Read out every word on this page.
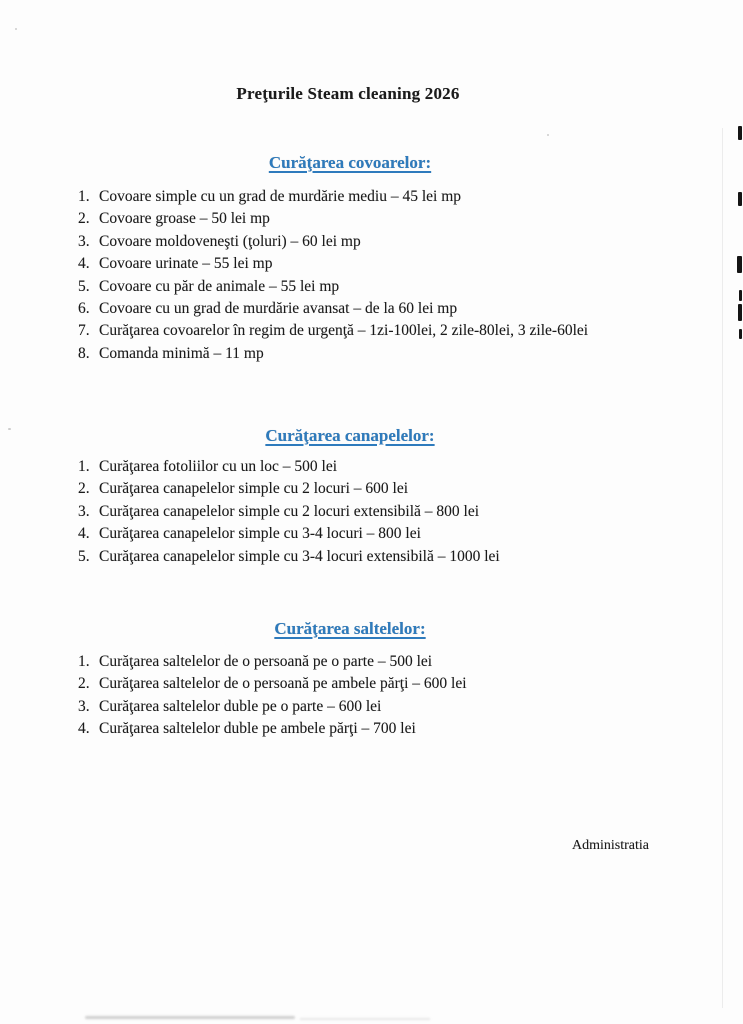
Preţurile Steam cleaning 2026
Curăţarea covoarelor:
Covoare simple cu un grad de murdărie mediu – 45 lei mp
Covoare groase – 50 lei mp
Covoare moldoveneşti (ţoluri) – 60 lei mp
Covoare urinate – 55 lei mp
Covoare cu păr de animale – 55 lei mp
Covoare cu un grad de murdărie avansat – de la 60 lei mp
Curăţarea covoarelor în regim de urgenţă – 1zi-100lei, 2 zile-80lei, 3 zile-60lei
Comanda minimă – 11 mp
Curăţarea canapelelor:
Curăţarea fotoliilor cu un loc – 500 lei
Curăţarea canapelelor simple cu 2 locuri – 600 lei
Curăţarea canapelelor simple cu 2 locuri extensibilă – 800 lei
Curăţarea canapelelor simple cu 3-4 locuri – 800 lei
Curăţarea canapelelor simple cu 3-4 locuri extensibilă – 1000 lei
Curăţarea saltelelor:
Curăţarea saltelelor de o persoană pe o parte – 500 lei
Curăţarea saltelelor de o persoană pe ambele părţi – 600 lei
Curăţarea saltelelor duble pe o parte – 600 lei
Curăţarea saltelelor duble pe ambele părţi – 700 lei
Administratia
